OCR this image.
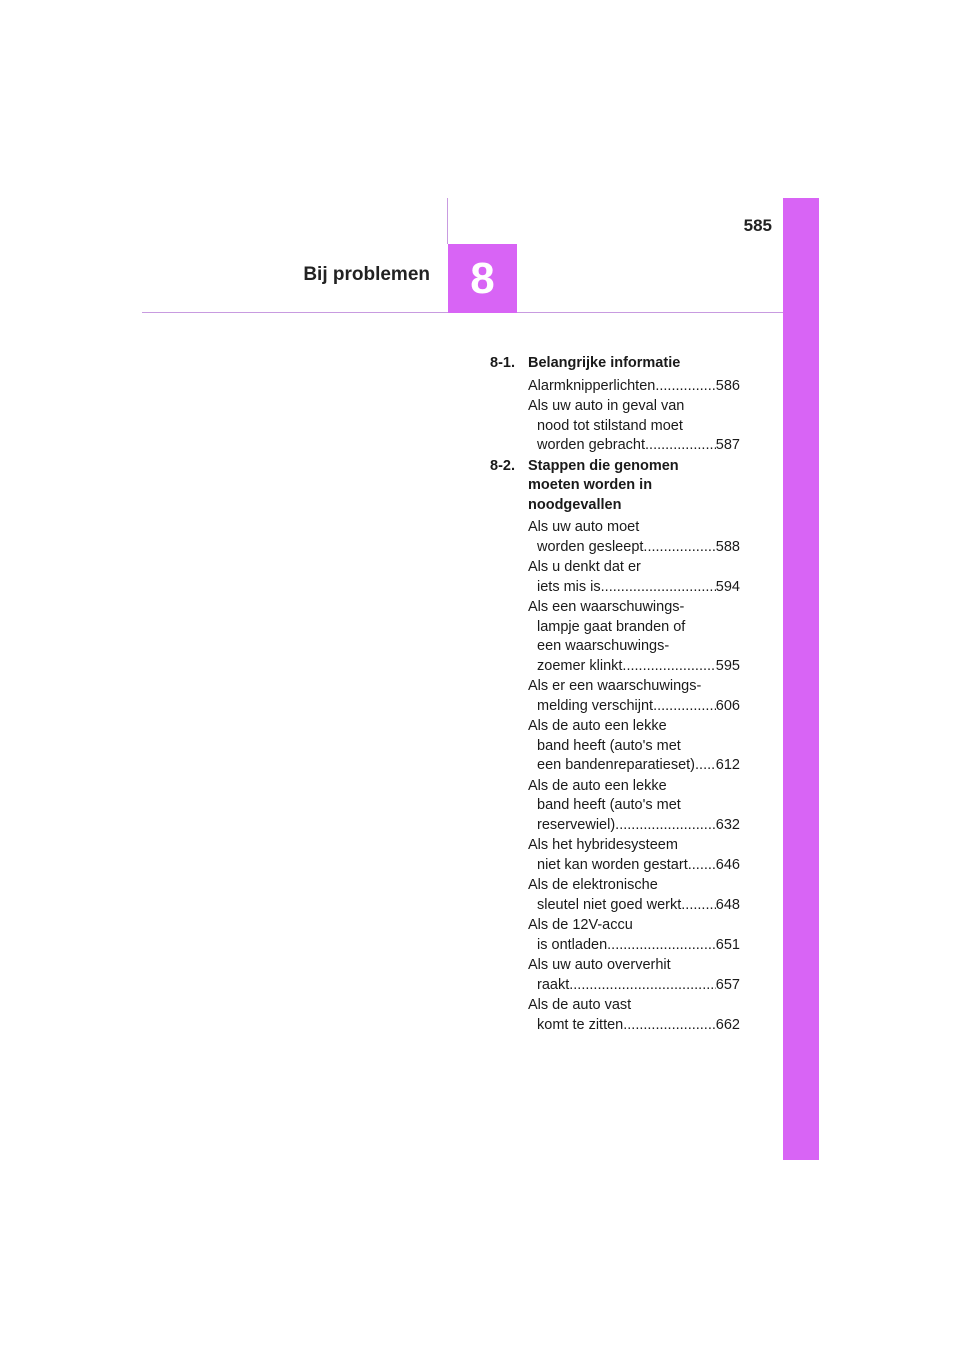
585
Bij problemen 8
8-1. Belangrijke informatie
Alarmknipperlichten .....	586
Als uw auto in geval van
nood tot stilstand moet
worden gebracht .....	587
8-2. Stappen die genomen
moeten worden in
noodgevallen
Als uw auto moet
worden gesleept .....	588
Als u denkt dat er
iets mis is .....	594
Als een waarschuwings-
lampje gaat branden of
een waarschuwings-
zoemer klinkt .....	595
Als er een waarschuwings-
melding verschijnt .....	606
Als de auto een lekke
band heeft (auto's met
een bandenreparatieset) ..... 612
Als de auto een lekke
band heeft (auto's met
reservewiel) .....	632
Als het hybridesysteem
niet kan worden gestart ..... 646
Als de elektronische
sleutel niet goed werkt ..... 648
Als de 12V-accu
is ontladen .....	651
Als uw auto oververhit
raakt .....	657
Als de auto vast
komt te zitten .....	662
